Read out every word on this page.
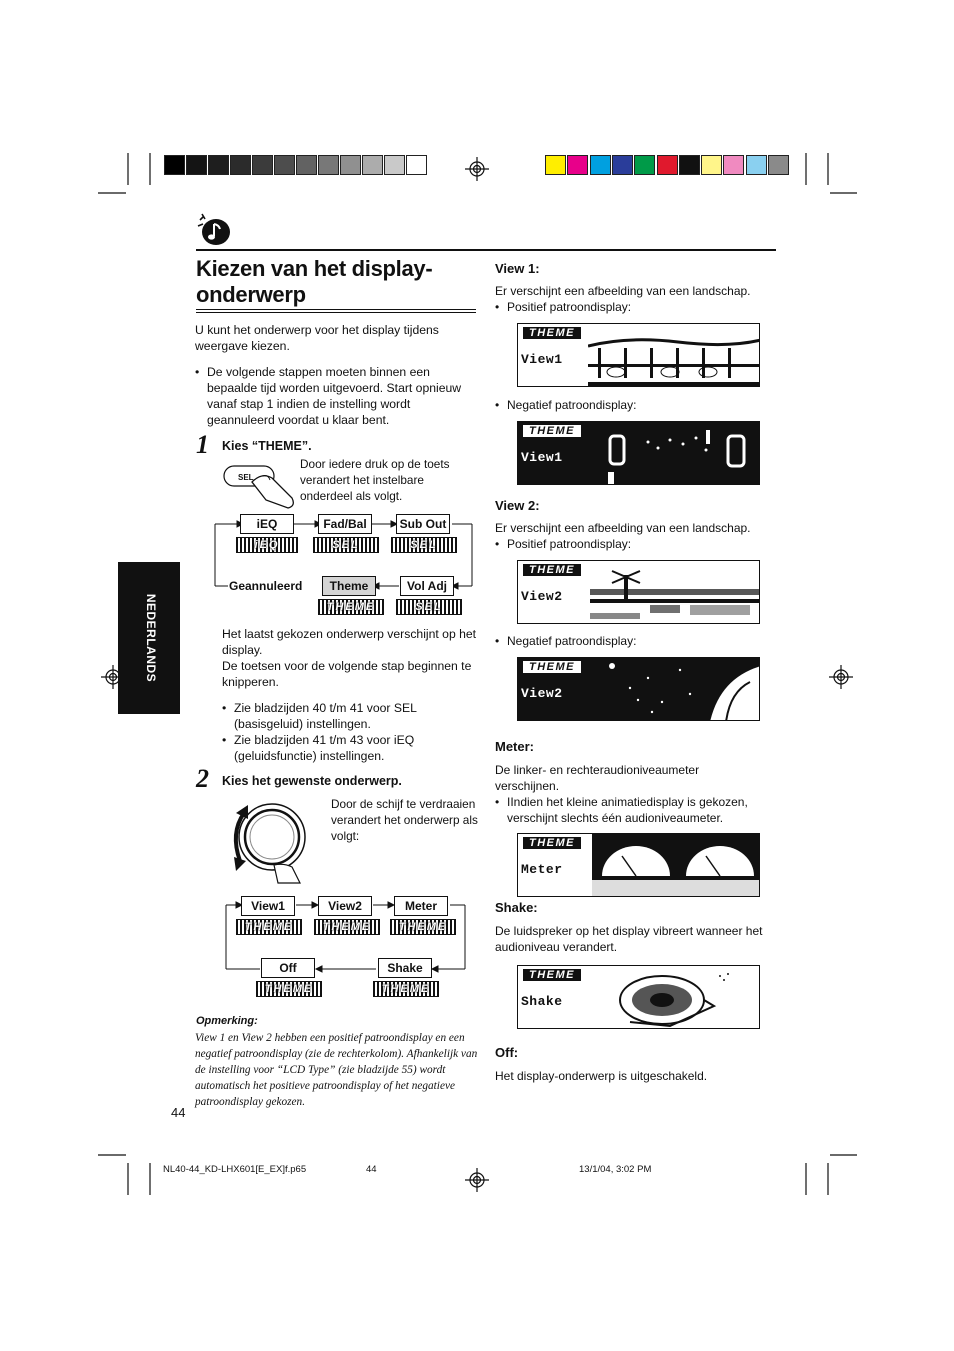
Kiezen van het display-onderwerp
NEDERLANDS
U kunt het onderwerp voor het display tijdens weergave kiezen.
• De volgende stappen moeten binnen een bepaalde tijd worden uitgevoerd. Start opnieuw vanaf stap 1 indien de instelling wordt geannuleerd voordat u klaar bent.
1 Kies “THEME”.
SEL
Door iedere druk op de toets verandert het instelbare onderdeel als volgt.
iEQ	Fad/Bal	Sub Out
iEQ	SEL	SEL
Geannuleerd	Theme	Vol Adj
THEME	SEL
Het laatst gekozen onderwerp verschijnt op het display.
De toetsen voor de volgende stap beginnen te knipperen.
• Zie bladzijden 40 t/m 41 voor SEL (basisgeluid) instellingen.
• Zie bladzijden 41 t/m 43 voor iEQ (geluidsfunctie) instellingen.
2 Kies het gewenste onderwerp.
Door de schijf te verdraaien verandert het onderwerp als volgt:
View1	View2	Meter
THEME	THEME	THEME
Off	Shake
THEME	THEME
Opmerking:
View 1 en View 2 hebben een positief patroondisplay en een negatief patroondisplay (zie de rechterkolom). Afhankelijk van de instelling voor “LCD Type” (zie bladzijde 55) wordt automatisch het positieve patroondisplay of het negatieve patroondisplay gekozen.
44
View 1:
Er verschijnt een afbeelding van een landschap.
• Positief patroondisplay:
THEME
View1
• Negatief patroondisplay:
THEME
View1
View 2:
Er verschijnt een afbeelding van een landschap.
• Positief patroondisplay:
THEME
View2
• Negatief patroondisplay:
THEME
View2
Meter:
De linker- en rechteraudioniveaumeter verschijnen.
• IIndien het kleine animatiedisplay is gekozen, verschijnt slechts één audioniveaumeter.
THEME
Meter
Shake:
De luidspreker op het display vibreert wanneer het audioniveau verandert.
THEME
Shake
Off:
Het display-onderwerp is uitgeschakeld.
NL40-44_KD-LHX601[E_EX]f.p65	44	13/1/04, 3:02 PM
